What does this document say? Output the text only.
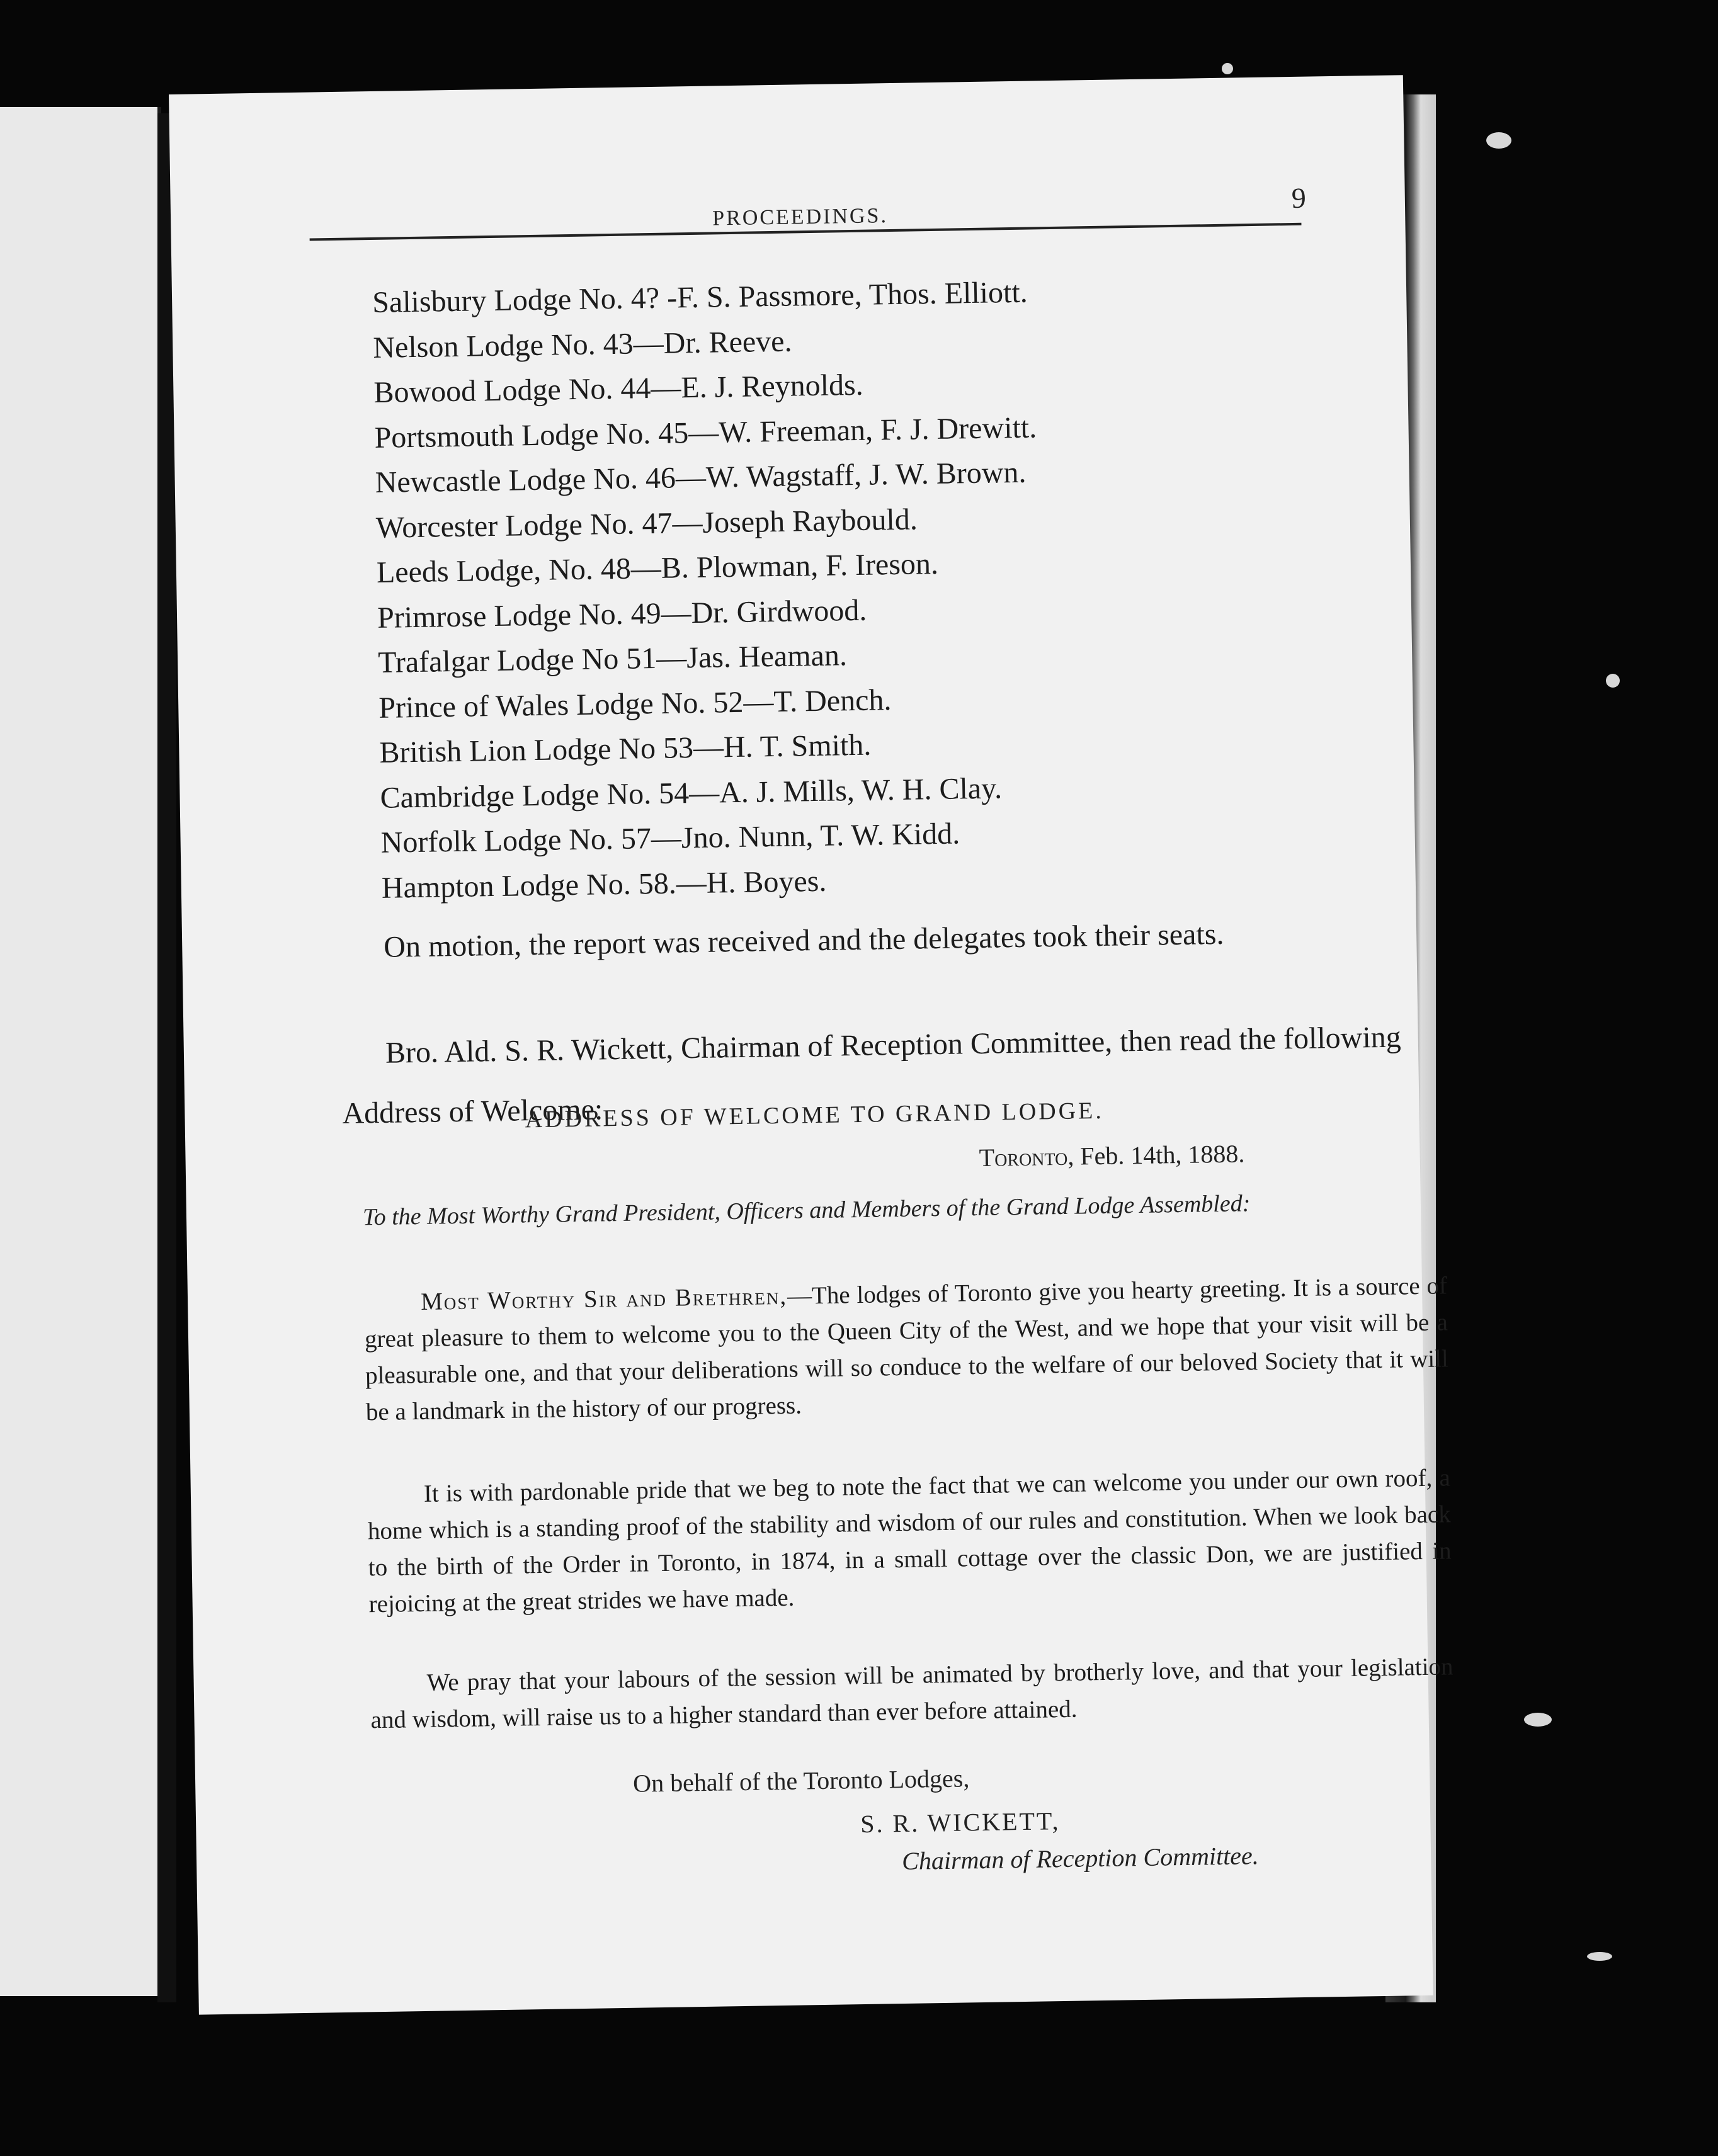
PROCEEDINGS.
9
Salisbury Lodge No. 4? -F. S. Passmore, Thos. Elliott.
Nelson Lodge No. 43—Dr. Reeve.
Bowood Lodge No. 44—E. J. Reynolds.
Portsmouth Lodge No. 45—W. Freeman, F. J. Drewitt.
Newcastle Lodge No. 46—W. Wagstaff, J. W. Brown.
Worcester Lodge No. 47—Joseph Raybould.
Leeds Lodge, No. 48—B. Plowman, F. Ireson.
Primrose Lodge No. 49—Dr. Girdwood.
Trafalgar Lodge No 51—Jas. Heaman.
Prince of Wales Lodge No. 52—T. Dench.
British Lion Lodge No 53—H. T. Smith.
Cambridge Lodge No. 54—A. J. Mills, W. H. Clay.
Norfolk Lodge No. 57—Jno. Nunn, T. W. Kidd.
Hampton Lodge No. 58.—H. Boyes.
On motion, the report was received and the delegates took their seats.
Bro. Ald. S. R. Wickett, Chairman of Reception Committee, then read the following Address of Welcome:
ADDRESS OF WELCOME TO GRAND LODGE.
Toronto, Feb. 14th, 1888.
To the Most Worthy Grand President, Officers and Members of the Grand Lodge Assembled:
Most Worthy Sir and Brethren,—The lodges of Toronto give you hearty greeting. It is a source of great pleasure to them to welcome you to the Queen City of the West, and we hope that your visit will be a pleasurable one, and that your deliberations will so conduce to the welfare of our beloved Society that it will be a landmark in the history of our progress.
It is with pardonable pride that we beg to note the fact that we can welcome you under our own roof, a home which is a standing proof of the stability and wisdom of our rules and constitution. When we look back to the birth of the Order in Toronto, in 1874, in a small cottage over the classic Don, we are justified in rejoicing at the great strides we have made.
We pray that your labours of the session will be animated by brotherly love, and that your legislation and wisdom, will raise us to a higher standard than ever before attained.
On behalf of the Toronto Lodges,
S. R. WICKETT,
Chairman of Reception Committee.
